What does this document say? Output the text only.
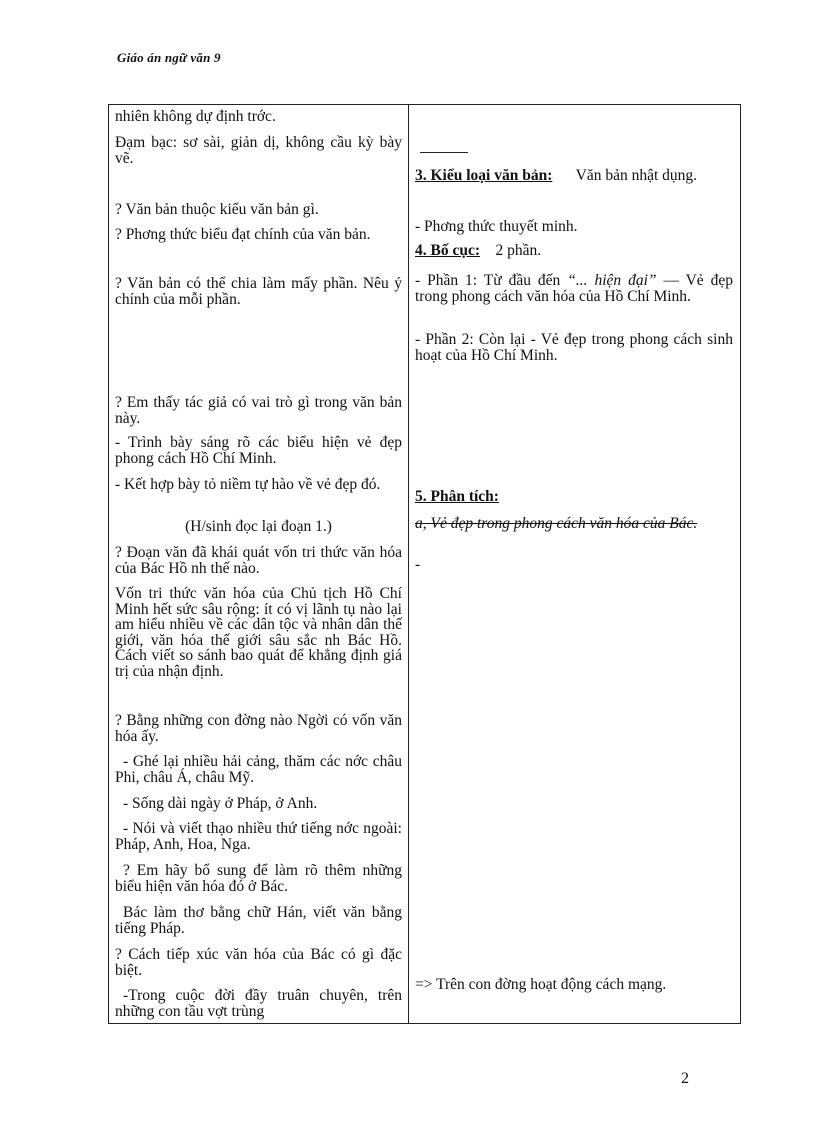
Giáo án ngữ văn 9

nhiên không dự định trớc.

Đạm bạc: sơ sài, giản dị, không cầu kỳ bày vẽ.

? Văn bản thuộc kiểu văn bản gì.

? Phơng thức biểu đạt chính của văn bản.

? Văn bản có thể chia làm mấy phần. Nêu ý chính của mỗi phần.

? Em thấy tác giả có vai trò gì trong văn bản này.

- Trình bày sáng rõ các biểu hiện vẻ đẹp phong cách Hồ Chí Minh.

- Kết hợp bày tỏ niềm tự hào về vẻ đẹp đó.

(H/sinh đọc lại đoạn 1.)

? Đoạn văn đã khái quát vốn tri thức văn hóa của Bác Hồ nh thế nào.

Vốn tri thức văn hóa của Chủ tịch Hồ Chí Minh hết sức sâu rộng: ít có vị lãnh tụ nào lại am hiểu nhiều về các dân tộc và nhân dân thế giới, văn hóa thế giới sâu sắc nh Bác Hồ. Cách viết so sánh bao quát để khẳng định giá trị của nhận định.

? Bằng những con đờng nào Ngời có vốn văn hóa ấy.

- Ghé lại nhiều hải cảng, thăm các nớc châu Phi, châu Á, châu Mỹ.

- Sống dài ngày ở Pháp, ở Anh.

- Nói và viết thạo nhiều thứ tiếng nớc ngoài: Pháp, Anh, Hoa, Nga.

? Em hãy bổ sung để làm rõ thêm những biểu hiện văn hóa đó ở Bác.

Bác làm thơ bằng chữ Hán, viết văn bằng tiếng Pháp.

? Cách tiếp xúc văn hóa của Bác có gì đặc biệt.

-Trong cuộc đời đầy truân chuyên, trên những con tầu vợt trùng

3. Kiểu loại văn bản: Văn bản nhật dụng.

- Phơng thức thuyết minh.

4. Bố cục: 2 phần.

- Phần 1: Từ đầu đến “... hiện đại” — Vẻ đẹp trong phong cách văn hóa của Hồ Chí Minh.

- Phần 2: Còn lại - Vẻ đẹp trong phong cách sinh hoạt của Hồ Chí Minh.

5. Phân tích:

a, Vẻ đẹp trong phong cách văn hóa của Bác.

-

=> Trên con đờng hoạt động cách mạng.

2
